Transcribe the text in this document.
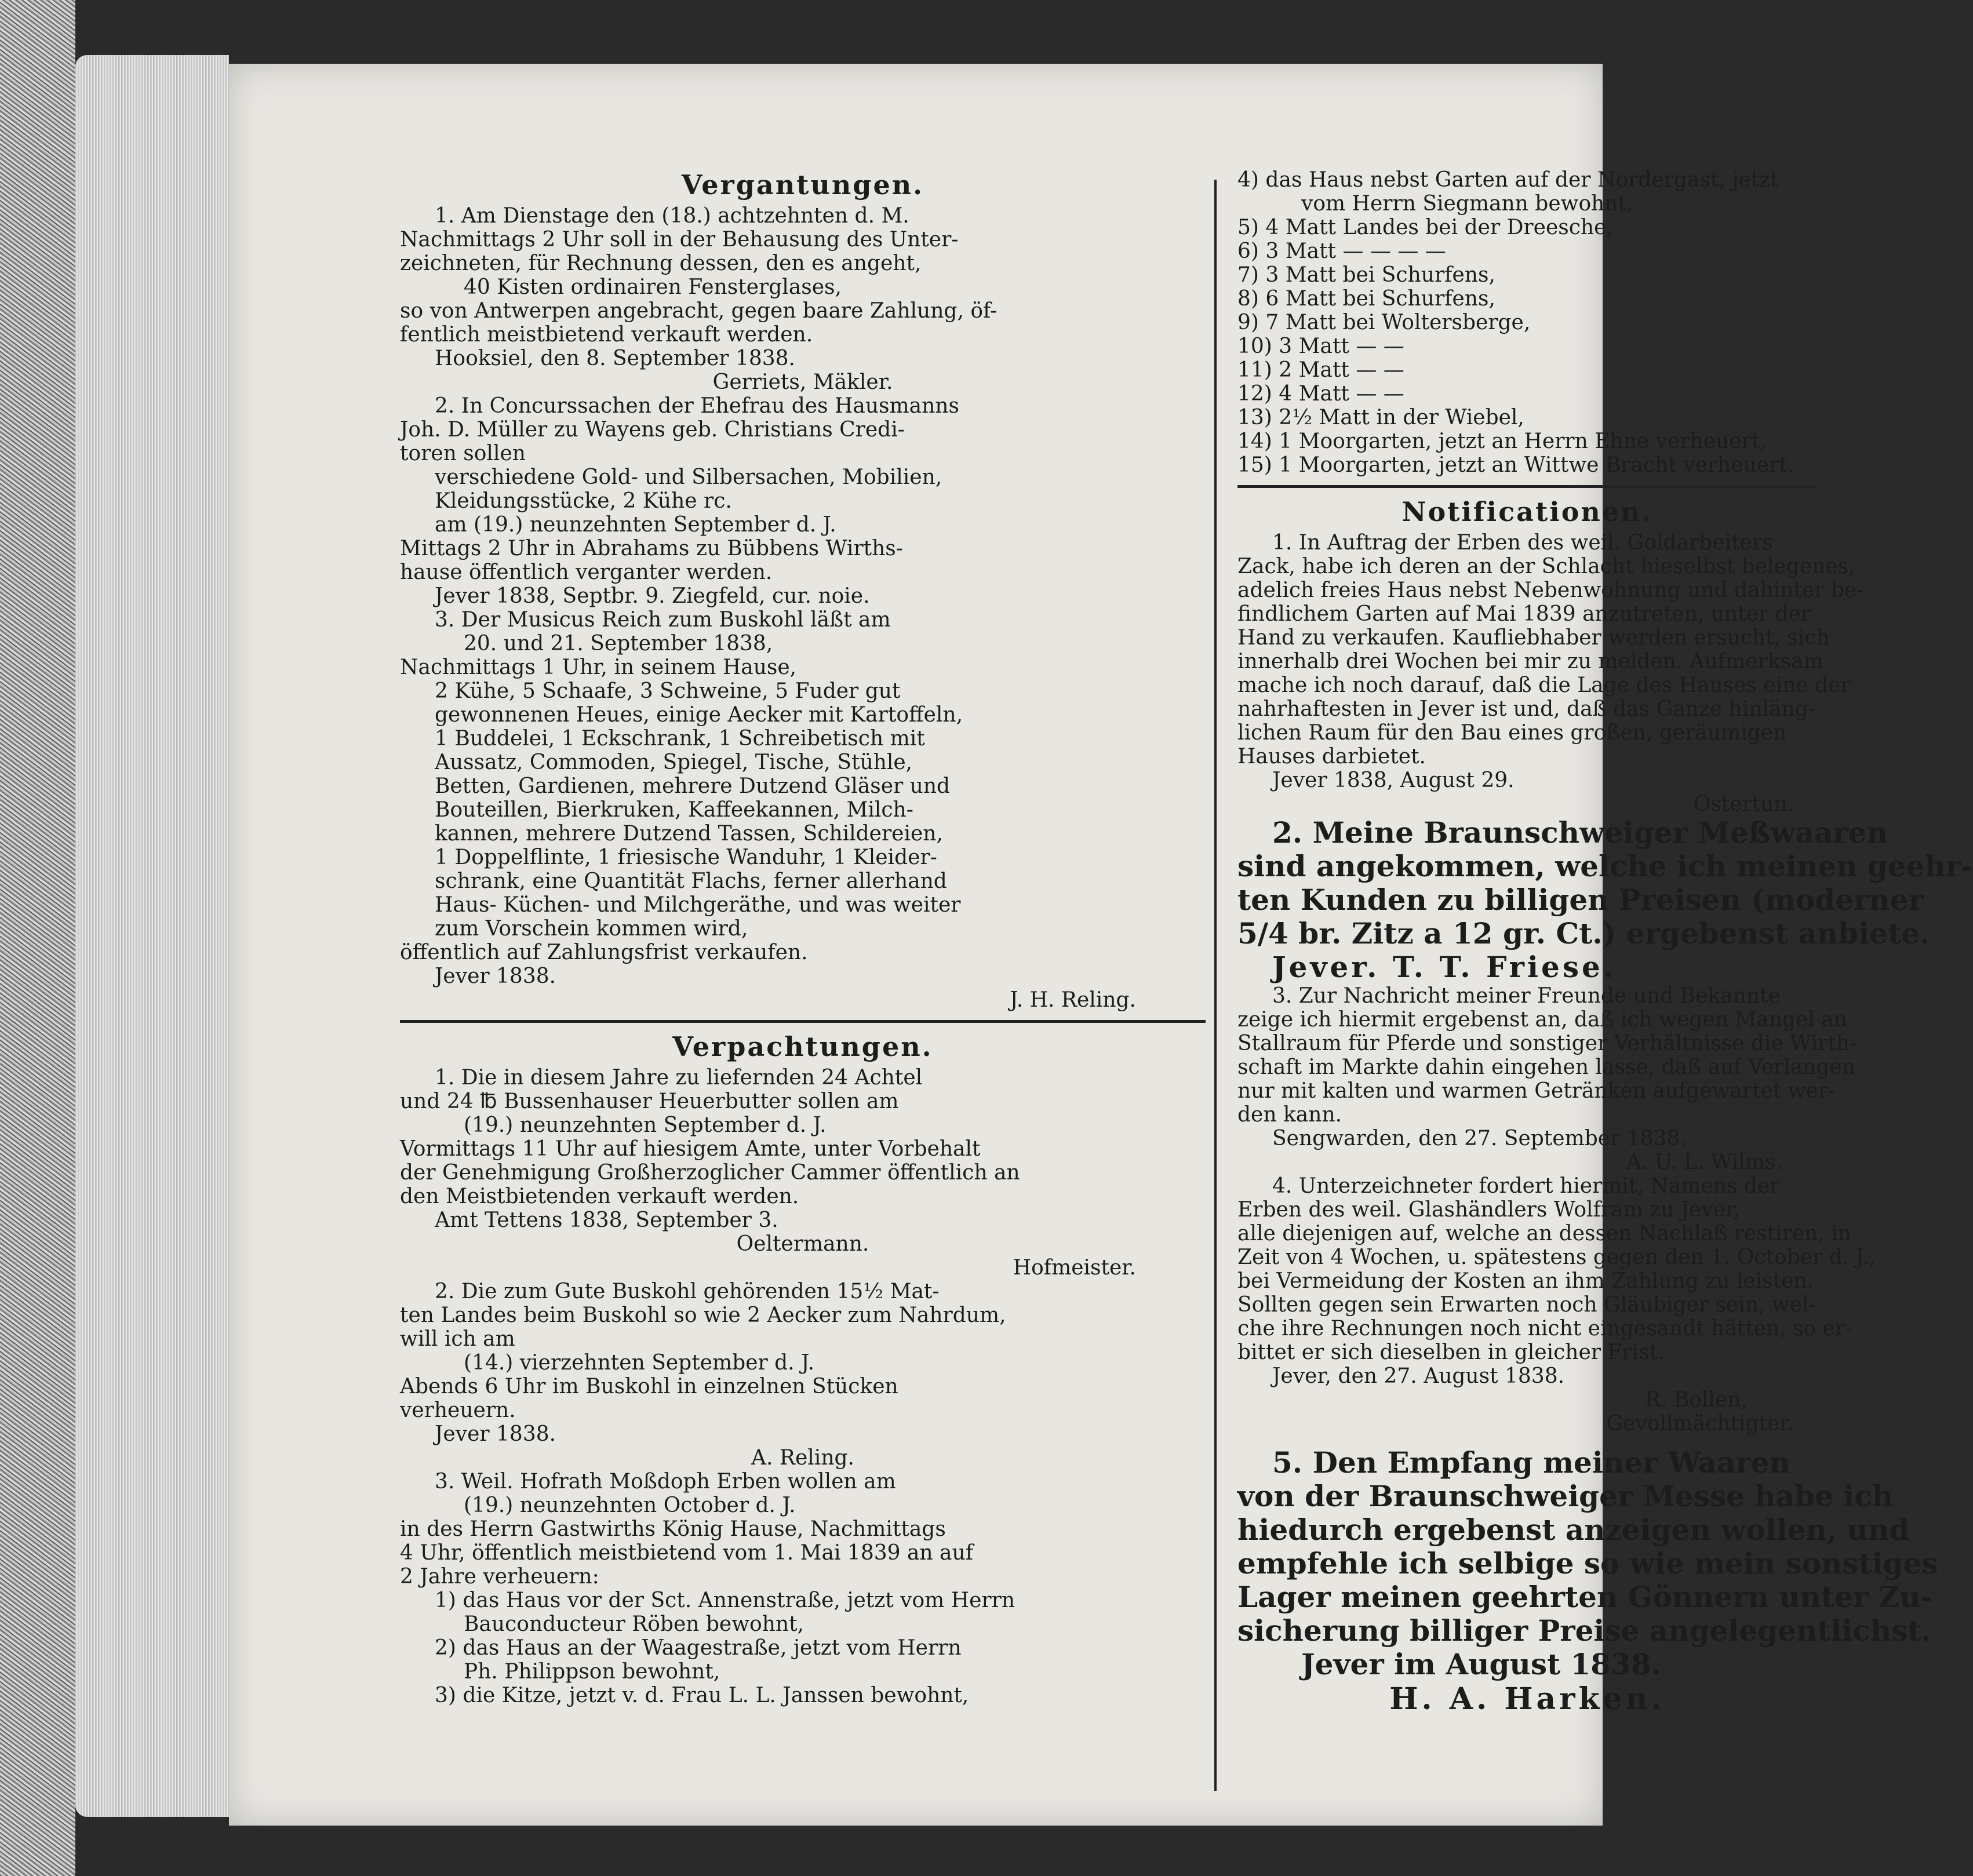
Vergantungen.

1. Am Dienstage den (18.) achtzehnten d. M.

Nachmittags 2 Uhr soll in der Behausung des Unter-

zeichneten, für Rechnung dessen, den es angeht,

40 Kisten ordinairen Fensterglases,

so von Antwerpen angebracht, gegen baare Zahlung, öf-

fentlich meistbietend verkauft werden.

Hooksiel, den 8. September 1838.

Gerriets, Mäkler.

2. In Concurssachen der Ehefrau des Hausmanns

Joh. D. Müller zu Wayens geb. Christians Credi-

toren sollen

verschiedene Gold- und Silbersachen, Mobilien,

Kleidungsstücke, 2 Kühe rc.

am (19.) neunzehnten September d. J.

Mittags 2 Uhr in Abrahams zu Bübbens Wirths-

hause öffentlich verganter werden.

Jever 1838, Septbr. 9. Ziegfeld, cur. noie.

3. Der Musicus Reich zum Buskohl läßt am

20. und 21. September 1838,

Nachmittags 1 Uhr, in seinem Hause,

2 Kühe, 5 Schaafe, 3 Schweine, 5 Fuder gut

gewonnenen Heues, einige Aecker mit Kartoffeln,

1 Buddelei, 1 Eckschrank, 1 Schreibetisch mit

Aussatz, Commoden, Spiegel, Tische, Stühle,

Betten, Gardienen, mehrere Dutzend Gläser und

Bouteillen, Bierkruken, Kaffeekannen, Milch-

kannen, mehrere Dutzend Tassen, Schildereien,

1 Doppelflinte, 1 friesische Wanduhr, 1 Kleider-

schrank, eine Quantität Flachs, ferner allerhand

Haus- Küchen- und Milchgeräthe, und was weiter

zum Vorschein kommen wird,

öffentlich auf Zahlungsfrist verkaufen.

Jever 1838.

J. H. Reling.

Verpachtungen.

1. Die in diesem Jahre zu liefernden 24 Achtel

und 24 ℔ Bussenhauser Heuerbutter sollen am

(19.) neunzehnten September d. J.

Vormittags 11 Uhr auf hiesigem Amte, unter Vorbehalt

der Genehmigung Großherzoglicher Cammer öffentlich an

den Meistbietenden verkauft werden.

Amt Tettens 1838, September 3.

Oeltermann.

Hofmeister.

2. Die zum Gute Buskohl gehörenden 15½ Mat-

ten Landes beim Buskohl so wie 2 Aecker zum Nahrdum,

will ich am

(14.) vierzehnten September d. J.

Abends 6 Uhr im Buskohl in einzelnen Stücken

verheuern.

Jever 1838.

A. Reling.

3. Weil. Hofrath Moßdoph Erben wollen am

(19.) neunzehnten October d. J.

in des Herrn Gastwirths König Hause, Nachmittags

4 Uhr, öffentlich meistbietend vom 1. Mai 1839 an auf

2 Jahre verheuern:

1) das Haus vor der Sct. Annenstraße, jetzt vom Herrn

Bauconducteur Röben bewohnt,

2) das Haus an der Waagestraße, jetzt vom Herrn

Ph. Philippson bewohnt,

3) die Kitze, jetzt v. d. Frau L. L. Janssen bewohnt,

4) das Haus nebst Garten auf der Nordergast, jetzt

vom Herrn Siegmann bewohnt,

5) 4 Matt Landes bei der Dreesche,

6) 3 Matt — — — —

7) 3 Matt bei Schurfens,

8) 6 Matt bei Schurfens,

9) 7 Matt bei Woltersberge,

10) 3 Matt — —

11) 2 Matt — —

12) 4 Matt — —

13) 2½ Matt in der Wiebel,

14) 1 Moorgarten, jetzt an Herrn Ehne verheuert,

15) 1 Moorgarten, jetzt an Wittwe Bracht verheuert.

Notificationen.

1. In Auftrag der Erben des weil. Goldarbeiters

Zack, habe ich deren an der Schlacht hieselbst belegenes,

adelich freies Haus nebst Nebenwohnung und dahinter be-

findlichem Garten auf Mai 1839 anzutreten, unter der

Hand zu verkaufen. Kaufliebhaber werden ersucht, sich

innerhalb drei Wochen bei mir zu melden. Aufmerksam

mache ich noch darauf, daß die Lage des Hauses eine der

nahrhaftesten in Jever ist und, daß das Ganze hinläng-

lichen Raum für den Bau eines großen, geräumigen

Hauses darbietet.

Jever 1838, August 29.

Ostertun.

2. Meine Braunschweiger Meßwaaren

sind angekommen, welche ich meinen geehr-

ten Kunden zu billigen Preisen (moderner

5/4 br. Zitz a 12 gr. Ct.) ergebenst anbiete.

Jever. T. T. Friese.

3. Zur Nachricht meiner Freunde und Bekannte

zeige ich hiermit ergebenst an, daß ich wegen Mangel an

Stallraum für Pferde und sonstiger Verhältnisse die Wirth-

schaft im Markte dahin eingehen lasse, daß auf Verlangen

nur mit kalten und warmen Getränken aufgewartet wer-

den kann.

Sengwarden, den 27. September 1838.

A. U. L. Wilms.

4. Unterzeichneter fordert hiermit, Namens der

Erben des weil. Glashändlers Wolfram zu Jever,

alle diejenigen auf, welche an dessen Nachlaß restiren, in

Zeit von 4 Wochen, u. spätestens gegen den 1. October d. J.,

bei Vermeidung der Kosten an ihm Zahlung zu leisten.

Sollten gegen sein Erwarten noch Gläubiger sein, wel-

che ihre Rechnungen noch nicht eingesandt hätten, so er-

bittet er sich dieselben in gleicher Frist.

Jever, den 27. August 1838.

R. Bollen,

Gevollmächtigter.

5. Den Empfang meiner Waaren

von der Braunschweiger Messe habe ich

hiedurch ergebenst anzeigen wollen, und

empfehle ich selbige so wie mein sonstiges

Lager meinen geehrten Gönnern unter Zu-

sicherung billiger Preise angelegentlichst.

Jever im August 1838.

H. A. Harken.
